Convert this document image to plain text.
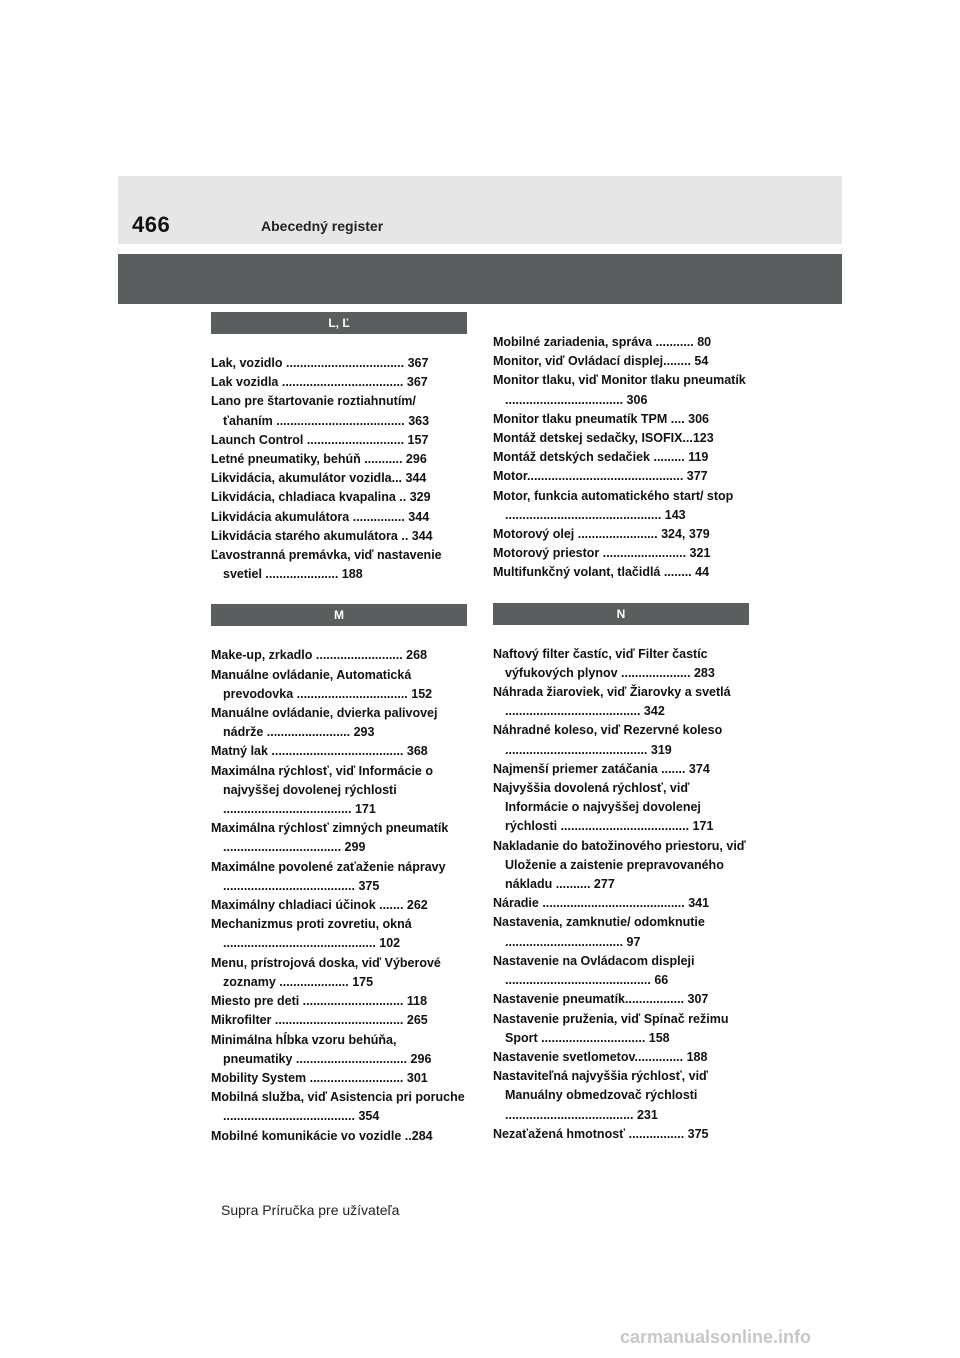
466	Abecedný register
L, Ľ
Lak, vozidlo .................................. 367
Lak vozidla ................................... 367
Lano pre štartovanie roztiahnutím/ ťahaním ..................................... 363
Launch Control ............................ 157
Letné pneumatiky, behúň ........... 296
Likvidácia, akumulátor vozidla... 344
Likvidácia, chladiaca kvapalina .. 329
Likvidácia akumulátora ............... 344
Likvidácia starého akumulátora .. 344
Ľavostranná premávka, viď nastavenie svetiel ..................... 188
M
Make-up, zrkadlo ......................... 268
Manuálne ovládanie, Automatická prevodovka ................................ 152
Manuálne ovládanie, dvierka palivovej nádrže ........................ 293
Matný lak ...................................... 368
Maximálna rýchlosť, viď Informácie o najvyššej dovolenej rýchlosti ..................................... 171
Maximálna rýchlosť zimných pneumatík .................................. 299
Maximálne povolené zaťaženie nápravy ...................................... 375
Maximálny chladiaci účinok ....... 262
Mechanizmus proti zovretiu, okná ............................................ 102
Menu, prístrojová doska, viď Výberové zoznamy .................... 175
Miesto pre deti ............................. 118
Mikrofilter ..................................... 265
Minimálna hĺbka vzoru behúňa, pneumatiky ................................ 296
Mobility System ........................... 301
Mobilná služba, viď Asistencia pri poruche ...................................... 354
Mobilné komunikácie vo vozidle ..284
Mobilné zariadenia, správa ........... 80
Monitor, viď Ovládací displej........ 54
Monitor tlaku, viď Monitor tlaku pneumatík .................................. 306
Monitor tlaku pneumatík TPM .... 306
Montáž detskej sedačky, ISOFIX...123
Montáž detských sedačiek ......... 119
Motor............................................. 377
Motor, funkcia automatického start/ stop ............................................. 143
Motorový olej ....................... 324, 379
Motorový priestor ........................ 321
Multifunkčný volant, tlačidlá ........ 44
N
Naftový filter častíc, viď Filter častíc výfukových plynov .................... 283
Náhrada žiaroviek, viď Žiarovky a svetlá ....................................... 342
Náhradné koleso, viď Rezervné koleso ......................................... 319
Najmenší priemer zatáčania ....... 374
Najvyššia dovolená rýchlosť, viď Informácie o najvyššej dovolenej rýchlosti ..................................... 171
Nakladanie do batožinového priestoru, viď Uloženie a zaistenie prepravovaného nákladu .......... 277
Náradie ......................................... 341
Nastavenia, zamknutie/ odomknutie .................................. 97
Nastavenie na Ovládacom displeji .......................................... 66
Nastavenie pneumatík................. 307
Nastavenie pruženia, viď Spínač režimu Sport .............................. 158
Nastavenie svetlometov.............. 188
Nastaviteľná najvyššia rýchlosť, viď Manuálny obmedzovač rýchlosti ..................................... 231
Nezaťažená hmotnosť ................ 375
Supra Príručka pre užívateľa
carmanualsonline.info
